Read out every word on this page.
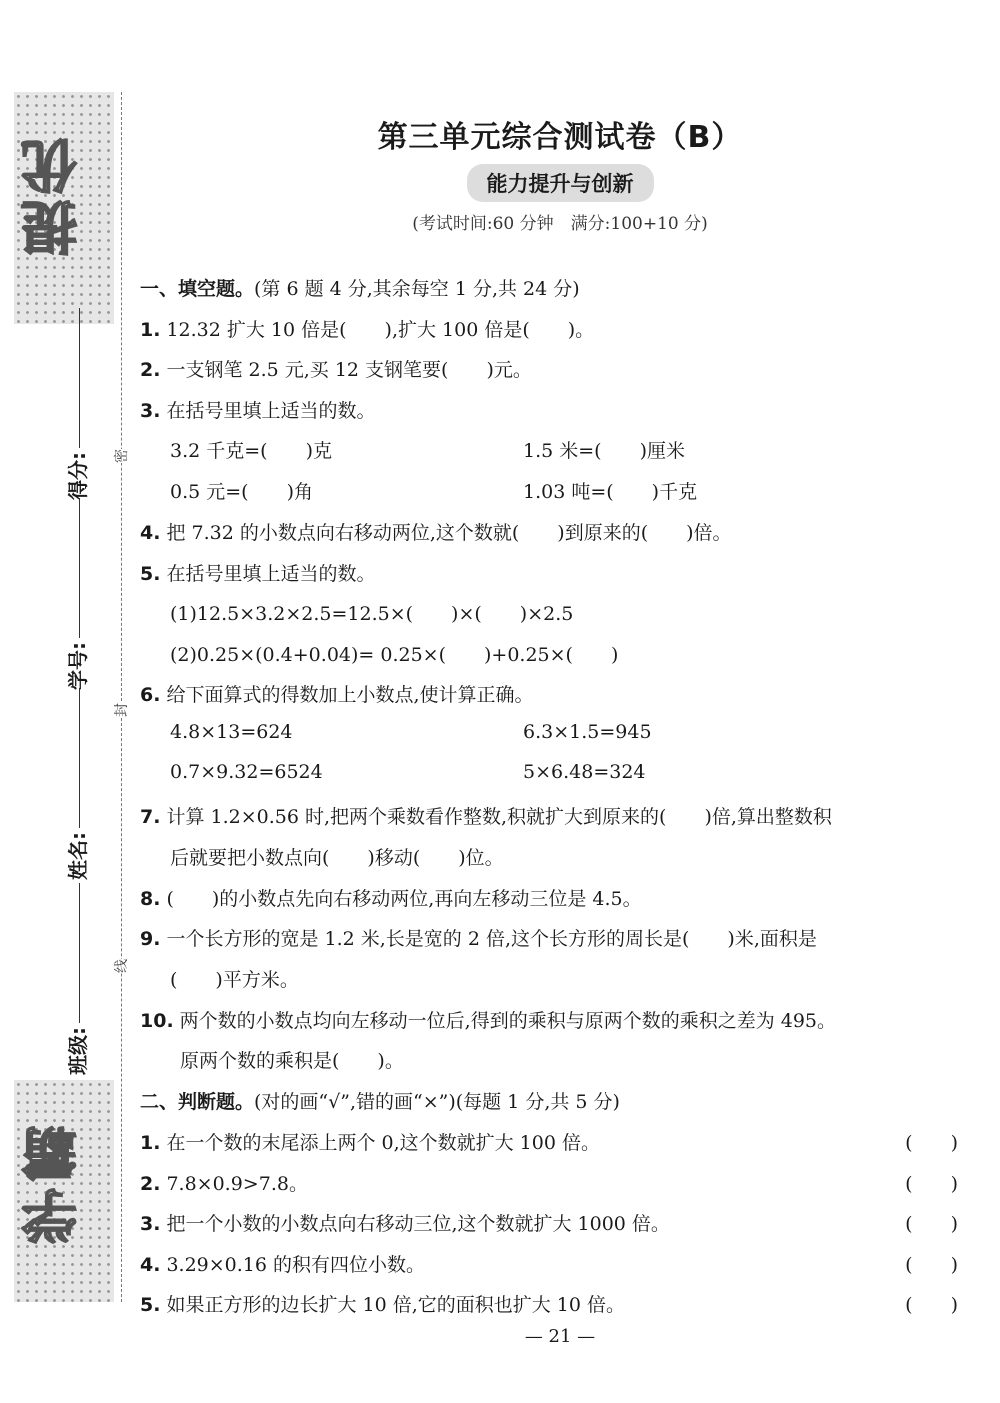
提优
学霸
密
封
线
得分:
学号:
姓名:
班级:
第三单元综合测试卷（B）
能力提升与创新
(考试时间:60 分钟　满分:100+10 分)
一、填空题。(第 6 题 4 分,其余每空 1 分,共 24 分)
1. 12.32 扩大 10 倍是(　　),扩大 100 倍是(　　)。
2. 一支钢笔 2.5 元,买 12 支钢笔要(　　)元。
3. 在括号里填上适当的数。
3.2 千克=(　　)克	1.5 米=(　　)厘米
0.5 元=(　　)角	1.03 吨=(　　)千克
4. 把 7.32 的小数点向右移动两位,这个数就(　　)到原来的(　　)倍。
5. 在括号里填上适当的数。
(1)12.5×3.2×2.5=12.5×(　　)×(　　)×2.5
(2)0.25×(0.4+0.04)= 0.25×(　　)+0.25×(　　)
6. 给下面算式的得数加上小数点,使计算正确。
4.8×13=624	6.3×1.5=945
0.7×9.32=6524	5×6.48=324
7. 计算 1.2×0.56 时,把两个乘数看作整数,积就扩大到原来的(　　)倍,算出整数积
后就要把小数点向(　　)移动(　　)位。
8. (　　)的小数点先向右移动两位,再向左移动三位是 4.5。
9. 一个长方形的宽是 1.2 米,长是宽的 2 倍,这个长方形的周长是(　　)米,面积是
(　　)平方米。
10. 两个数的小数点均向左移动一位后,得到的乘积与原两个数的乘积之差为 495。
原两个数的乘积是(　　)。
二、判断题。(对的画“√”,错的画“×”)(每题 1 分,共 5 分)
1. 在一个数的末尾添上两个 0,这个数就扩大 100 倍。	(　　)
2. 7.8×0.9>7.8。	(　　)
3. 把一个小数的小数点向右移动三位,这个数就扩大 1000 倍。	(　　)
4. 3.29×0.16 的积有四位小数。	(　　)
5. 如果正方形的边长扩大 10 倍,它的面积也扩大 10 倍。	(　　)
— 21 —
